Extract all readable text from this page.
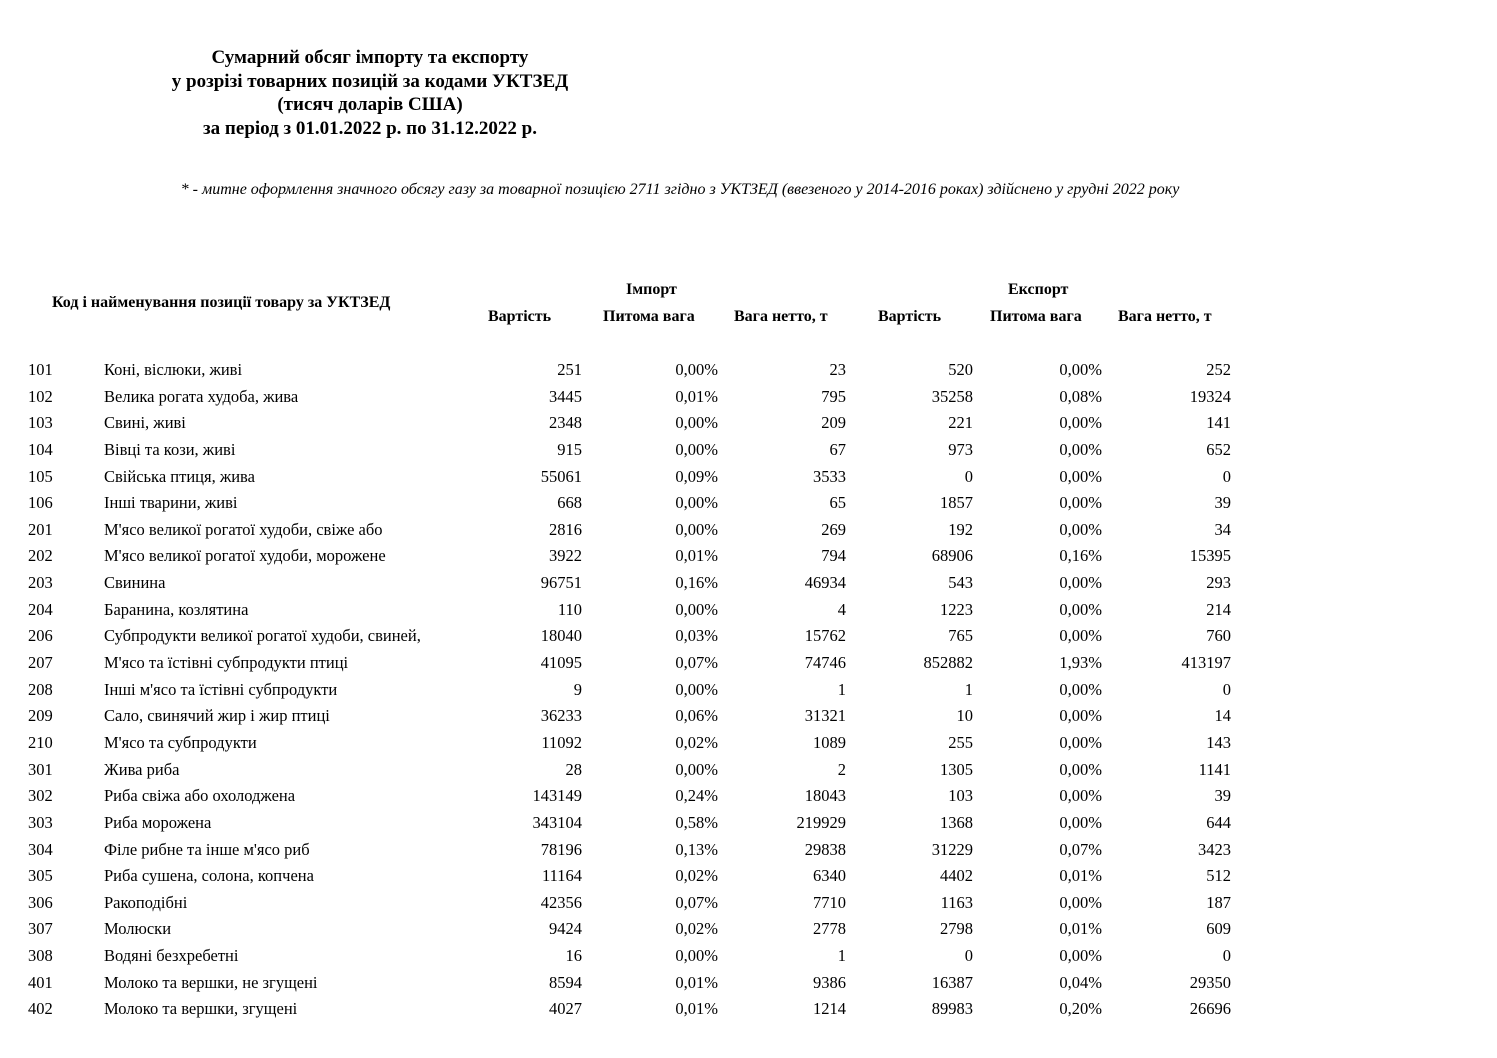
Сумарний обсяг імпорту та експорту
у розрізі товарних позицій за кодами УКТЗЕД
(тисяч доларів США)
за період з 01.01.2022 р. по 31.12.2022 р.
* - митне оформлення значного обсягу газу за товарної позицією 2711 згідно з УКТЗЕД (ввезеного у 2014-2016 роках) здійснено у грудні 2022 року
Код і найменування позиції товару за УКТЗЕД
Імпорт	Експорт
Вартість	Питома вага Вага нетто, т	Вартість	Питома вага Вага нетто, т
101	Коні, віслюки, живі	251	0,00%	23	520	0,00%	252
102	Велика рогата худоба, жива	3445	0,01%	795	35258	0,08%	19324
103	Свині, живі	2348	0,00%	209	221	0,00%	141
104	Вівці та кози, живі	915	0,00%	67	973	0,00%	652
105	Свійська птиця, жива	55061	0,09%	3533	0	0,00%	0
106	Інші тварини, живі	668	0,00%	65	1857	0,00%	39
201	М'ясо великої рогатої худоби, свіже або	2816	0,00%	269	192	0,00%	34
202	М'ясо великої рогатої худоби, морожене	3922	0,01%	794	68906	0,16%	15395
203	Свинина	96751	0,16%	46934	543	0,00%	293
204	Баранина, козлятина	110	0,00%	4	1223	0,00%	214
206	Субпродукти великої рогатої худоби, свиней,	18040	0,03%	15762	765	0,00%	760
207	М'ясо та їстівні субпродукти птиці	41095	0,07%	74746	852882	1,93%	413197
208	Інші м'ясо та їстівні субпродукти	9	0,00%	1	1	0,00%	0
209	Сало, свинячий жир і жир птиці	36233	0,06%	31321	10	0,00%	14
210	М'ясо та субпродукти	11092	0,02%	1089	255	0,00%	143
301	Жива риба	28	0,00%	2	1305	0,00%	1141
302	Риба свіжа або охолоджена	143149	0,24%	18043	103	0,00%	39
303	Риба морожена	343104	0,58%	219929	1368	0,00%	644
304	Філе рибне та інше м'ясо риб	78196	0,13%	29838	31229	0,07%	3423
305	Риба сушена, солона, копчена	11164	0,02%	6340	4402	0,01%	512
306	Ракоподібні	42356	0,07%	7710	1163	0,00%	187
307	Молюски	9424	0,02%	2778	2798	0,01%	609
308	Водяні безхребетні	16	0,00%	1	0	0,00%	0
401	Молоко та вершки, не згущені	8594	0,01%	9386	16387	0,04%	29350
402	Молоко та вершки, згущені	4027	0,01%	1214	89983	0,20%	26696
